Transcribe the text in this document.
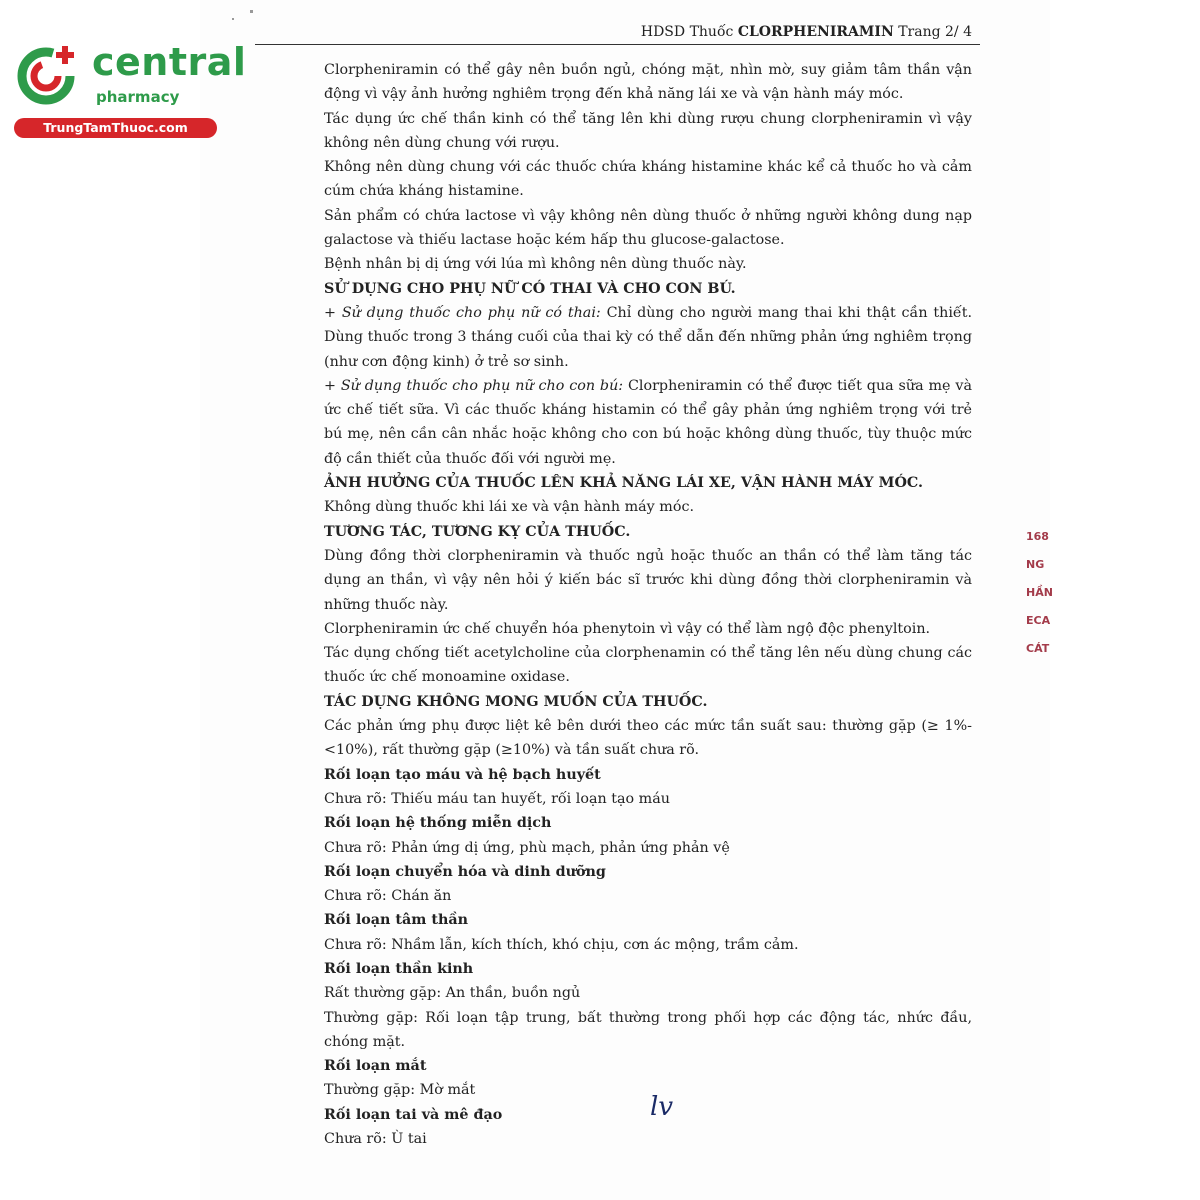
central
pharmacy
TrungTamThuoc.com
HDSD Thuốc CLORPHENIRAMIN Trang 2/ 4

Clorpheniramin có thể gây nên buồn ngủ, chóng mặt, nhìn mờ, suy giảm tâm thần vận động vì vậy ảnh hưởng nghiêm trọng đến khả năng lái xe và vận hành máy móc.

Tác dụng ức chế thần kinh có thể tăng lên khi dùng rượu chung clorpheniramin vì vậy không nên dùng chung với rượu.

Không nên dùng chung với các thuốc chứa kháng histamine khác kể cả thuốc ho và cảm cúm chứa kháng histamine.

Sản phẩm có chứa lactose vì vậy không nên dùng thuốc ở những người không dung nạp galactose và thiếu lactase hoặc kém hấp thu glucose-galactose.

Bệnh nhân bị dị ứng với lúa mì không nên dùng thuốc này.

SỬ DỤNG CHO PHỤ NỮ CÓ THAI VÀ CHO CON BÚ.

+ Sử dụng thuốc cho phụ nữ có thai: Chỉ dùng cho người mang thai khi thật cần thiết. Dùng thuốc trong 3 tháng cuối của thai kỳ có thể dẫn đến những phản ứng nghiêm trọng (như cơn động kinh) ở trẻ sơ sinh.

+ Sử dụng thuốc cho phụ nữ cho con bú: Clorpheniramin có thể được tiết qua sữa mẹ và ức chế tiết sữa. Vì các thuốc kháng histamin có thể gây phản ứng nghiêm trọng với trẻ bú mẹ, nên cần cân nhắc hoặc không cho con bú hoặc không dùng thuốc, tùy thuộc mức độ cần thiết của thuốc đối với người mẹ.

ẢNH HƯỞNG CỦA THUỐC LÊN KHẢ NĂNG LÁI XE, VẬN HÀNH MÁY MÓC.

Không dùng thuốc khi lái xe và vận hành máy móc.

TƯƠNG TÁC, TƯƠNG KỴ CỦA THUỐC.

Dùng đồng thời clorpheniramin và thuốc ngủ hoặc thuốc an thần có thể làm tăng tác dụng an thần, vì vậy nên hỏi ý kiến bác sĩ trước khi dùng đồng thời clorpheniramin và những thuốc này.

Clorpheniramin ức chế chuyển hóa phenytoin vì vậy có thể làm ngộ độc phenyltoin.

Tác dụng chống tiết acetylcholine của clorphenamin có thể tăng lên nếu dùng chung các thuốc ức chế monoamine oxidase.

TÁC DỤNG KHÔNG MONG MUỐN CỦA THUỐC.

Các phản ứng phụ được liệt kê bên dưới theo các mức tần suất sau: thường gặp (≥ 1%- <10%), rất thường gặp (≥10%) và tần suất chưa rõ.

Rối loạn tạo máu và hệ bạch huyết

Chưa rõ: Thiếu máu tan huyết, rối loạn tạo máu

Rối loạn hệ thống miễn dịch

Chưa rõ: Phản ứng dị ứng, phù mạch, phản ứng phản vệ

Rối loạn chuyển hóa và dinh dưỡng

Chưa rõ: Chán ăn

Rối loạn tâm thần

Chưa rõ: Nhầm lẫn, kích thích, khó chịu, cơn ác mộng, trầm cảm.

Rối loạn thần kinh

Rất thường gặp: An thần, buồn ngủ

Thường gặp: Rối loạn tập trung, bất thường trong phối hợp các động tác, nhức đầu, chóng mặt.

Rối loạn mắt

Thường gặp: Mờ mắt

Rối loạn tai và mê đạo

Chưa rõ: Ù tai

lv
168
NG
HẦN
ECA
CÁT
